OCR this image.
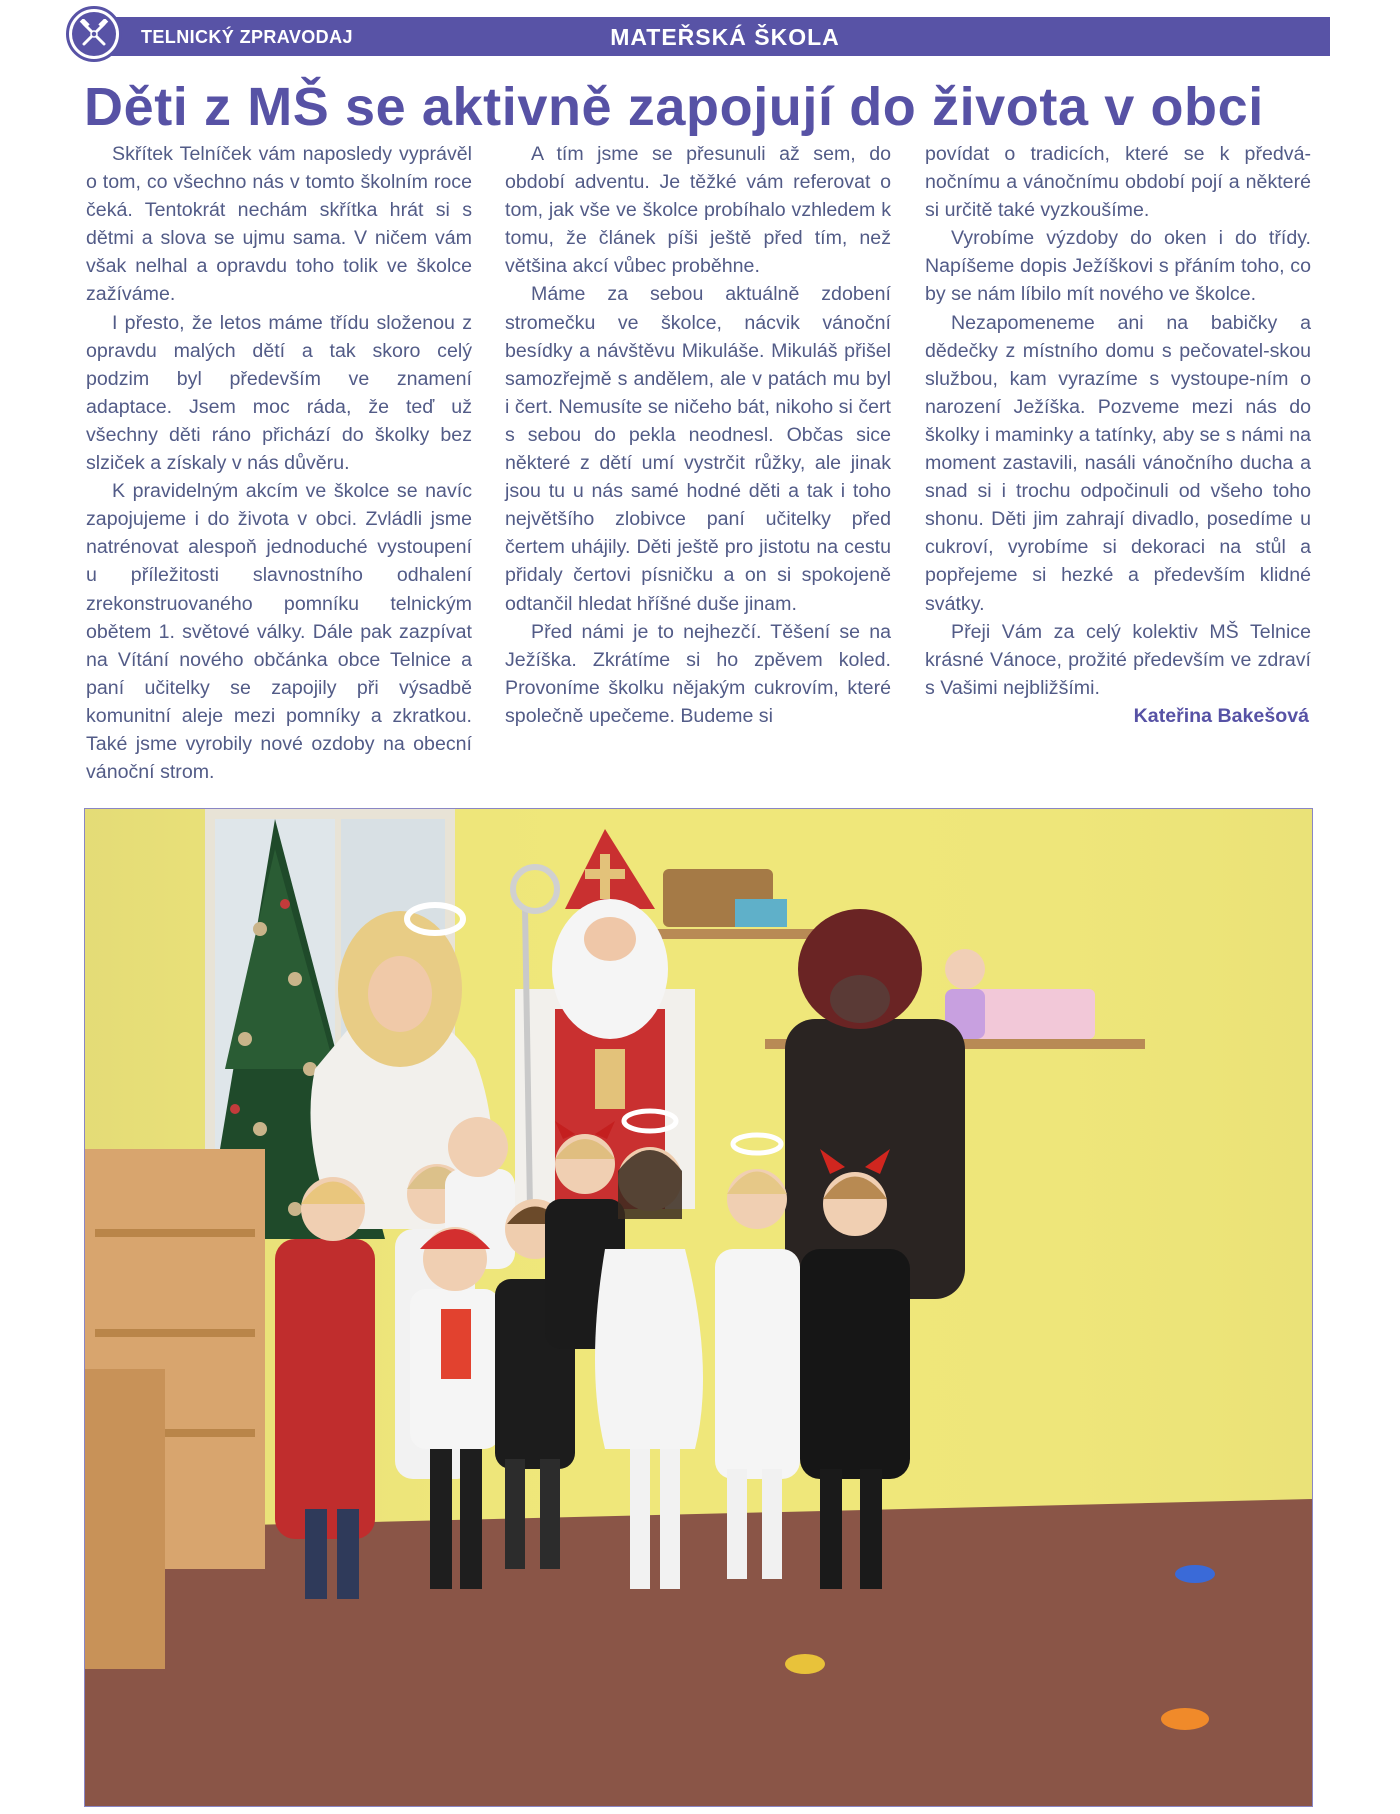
TELNICKÝ ZPRAVODAJ	MATEŘSKÁ ŠKOLA
Děti z MŠ se aktivně zapojují do života v obci

Skřítek Telníček vám naposledy vyprávěl o tom, co všechno nás v tomto školním roce čeká. Tentokrát nechám skřítka hrát si s dětmi a slova se ujmu sama. V ničem vám však nelhal a opravdu toho tolik ve školce zažíváme.

I přesto, že letos máme třídu složenou z opravdu malých dětí a tak skoro celý podzim byl především ve znamení adaptace. Jsem moc ráda, že teď už všechny děti ráno přichází do školky bez slziček a získaly v nás důvěru.

K pravidelným akcím ve školce se navíc zapojujeme i do života v obci. Zvládli jsme natrénovat alespoň jednoduché vystoupení u příležitosti slavnostního odhalení zrekonstruovaného pomníku telnickým obětem 1. světové války. Dále pak zazpívat na Vítání nového občánka obce Telnice a paní učitelky se zapojily při výsadbě komunitní aleje mezi pomníky a zkratkou. Také jsme vyrobily nové ozdoby na obecní vánoční strom.

A tím jsme se přesunuli až sem, do období adventu. Je těžké vám referovat o tom, jak vše ve školce probíhalo vzhledem k tomu, že článek píši ještě před tím, než většina akcí vůbec proběhne.

Máme za sebou aktuálně zdobení stromečku ve školce, nácvik vánoční besídky a návštěvu Mikuláše. Mikuláš přišel samozřejmě s andělem, ale v patách mu byl i čert. Nemusíte se ničeho bát, nikoho si čert s sebou do pekla neodnesl. Občas sice některé z dětí umí vystrčit růžky, ale jinak jsou tu u nás samé hodné děti a tak i toho největšího zlobivce paní učitelky před čertem uhájily. Děti ještě pro jistotu na cestu přidaly čertovi písničku a on si spokojeně odtančil hledat hříšné duše jinam.

Před námi je to nejhezčí. Těšení se na Ježíška. Zkrátíme si ho zpěvem koled. Provoníme školku nějakým cukrovím, které společně upečeme. Budeme si

povídat o tradicích, které se k předvá-nočnímu a vánočnímu období pojí a některé si určitě také vyzkoušíme.

Vyrobíme výzdoby do oken i do třídy. Napíšeme dopis Ježíškovi s přáním toho, co by se nám líbilo mít nového ve školce.

Nezapomeneme ani na babičky a dědečky z místního domu s pečovatel-skou službou, kam vyrazíme s vystoupe-ním o narození Ježíška. Pozveme mezi nás do školky i maminky a tatínky, aby se s námi na moment zastavili, nasáli vánočního ducha a snad si i trochu odpočinuli od všeho toho shonu. Děti jim zahrají divadlo, posedíme u cukroví, vyrobíme si dekoraci na stůl a popřejeme si hezké a především klidné svátky.

Přeji Vám za celý kolektiv MŠ Telnice krásné Vánoce, prožité především ve zdraví s Vašimi nejbližšími.

Kateřina Bakešová
